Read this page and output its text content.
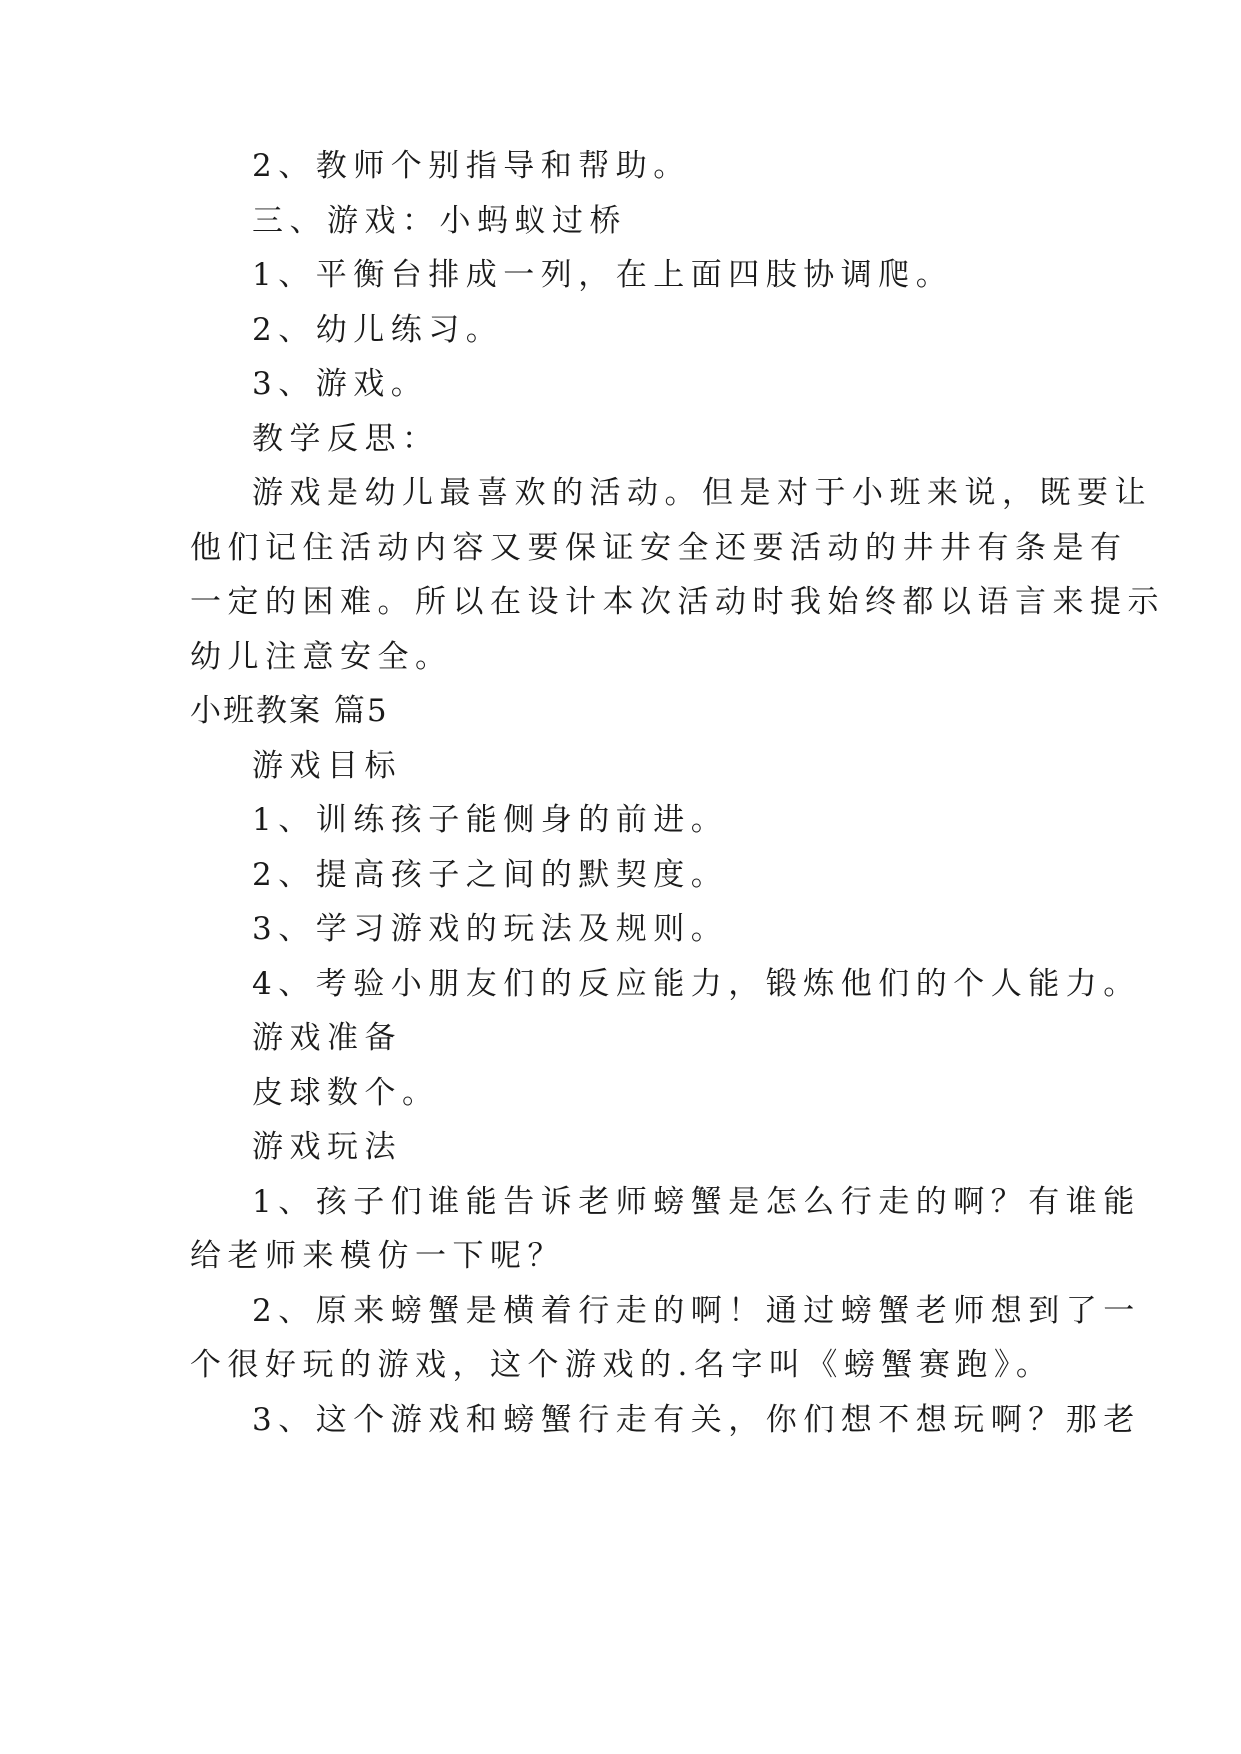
2、教师个别指导和帮助。

三、游戏：小蚂蚁过桥

1、平衡台排成一列，在上面四肢协调爬。

2、幼儿练习。

3、游戏。

教学反思：

游戏是幼儿最喜欢的活动。但是对于小班来说，既要让

他们记住活动内容又要保证安全还要活动的井井有条是有

一定的困难。所以在设计本次活动时我始终都以语言来提示

幼儿注意安全。

小班教案 篇5

游戏目标

1、训练孩子能侧身的前进。

2、提高孩子之间的默契度。

3、学习游戏的玩法及规则。

4、考验小朋友们的反应能力，锻炼他们的个人能力。

游戏准备

皮球数个。

游戏玩法

1、孩子们谁能告诉老师螃蟹是怎么行走的啊？有谁能

给老师来模仿一下呢？

2、原来螃蟹是横着行走的啊！通过螃蟹老师想到了一

个很好玩的游戏，这个游戏的.名字叫《螃蟹赛跑》。

3、这个游戏和螃蟹行走有关，你们想不想玩啊？那老
